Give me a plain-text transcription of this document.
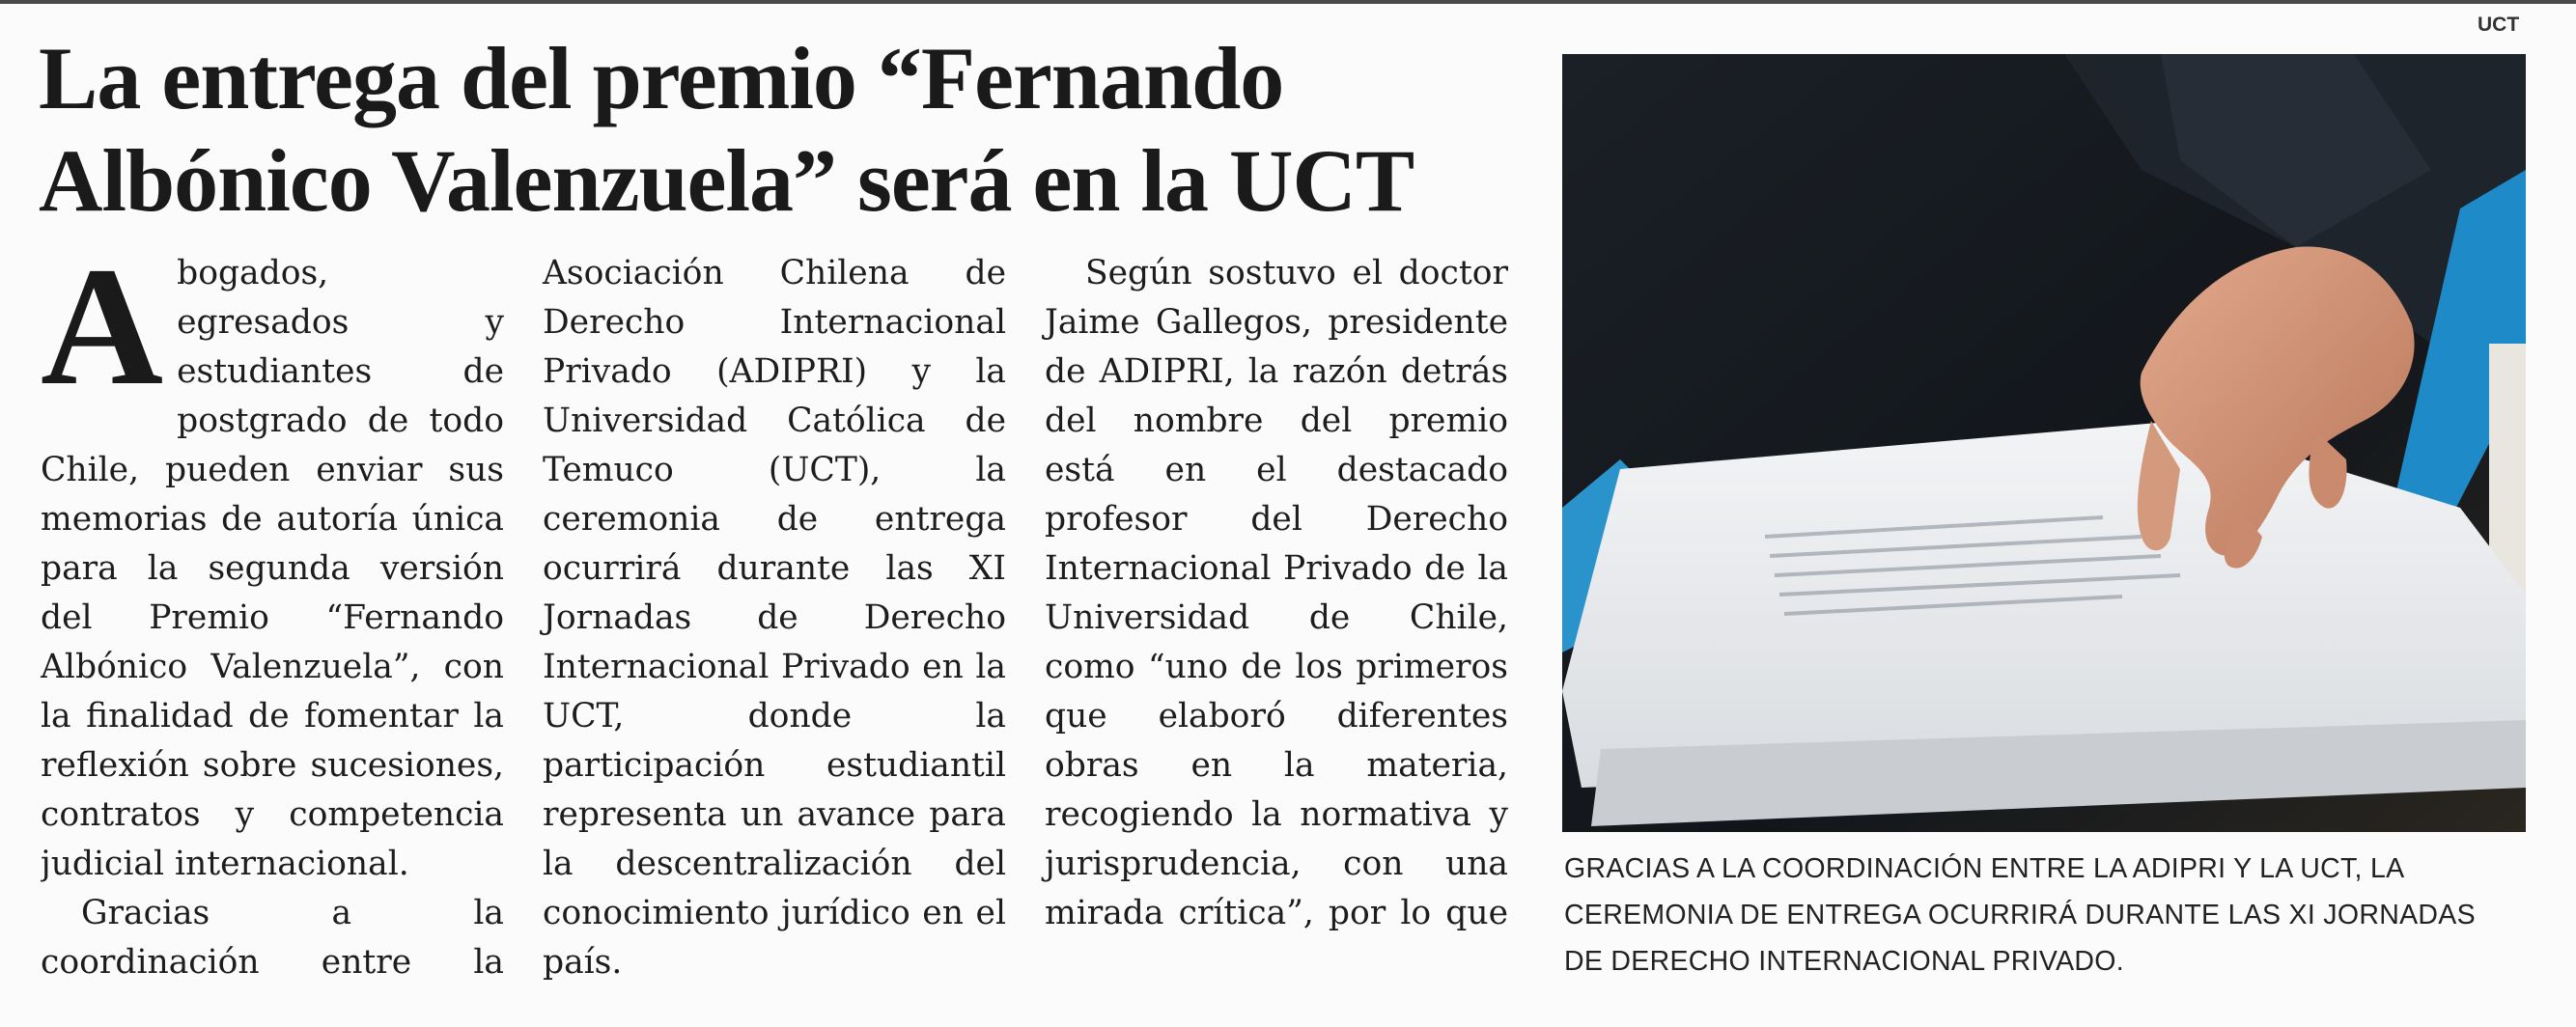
UCT
La entrega del premio “Fernando Albónico Valenzuela” será en la UCT

Abogados, egresados y estudiantes de postgrado de todo Chile, pueden enviar sus memorias de autoría única para la segunda versión del Premio “Fernando Albónico Valenzuela”, con la finalidad de fomentar la reflexión sobre sucesiones, contratos y competencia judicial internacional.

Gracias a la coordinación entre la Asociación Chilena de Derecho Internacional Privado (ADIPRI) y la Universidad Católica de Temuco (UCT), la ceremonia de entrega ocurrirá durante las XI Jornadas de Derecho Internacional Privado en la UCT, donde la participación estudiantil representa un avance para la descentralización del conocimiento jurídico en el país.

Según sostuvo el doctor Jaime Gallegos, presidente de ADIPRI, la razón detrás del nombre del premio está en el destacado profesor del Derecho Internacional Privado de la Universidad de Chile, como “uno de los primeros que elaboró diferentes obras en la materia, recogiendo la normativa y jurisprudencia, con una mirada crítica”, por lo que

GRACIAS A LA COORDINACIÓN ENTRE LA ADIPRI Y LA UCT, LA CEREMONIA DE ENTREGA OCURRIRÁ DURANTE LAS XI JORNADAS DE DERECHO INTERNACIONAL PRIVADO.
